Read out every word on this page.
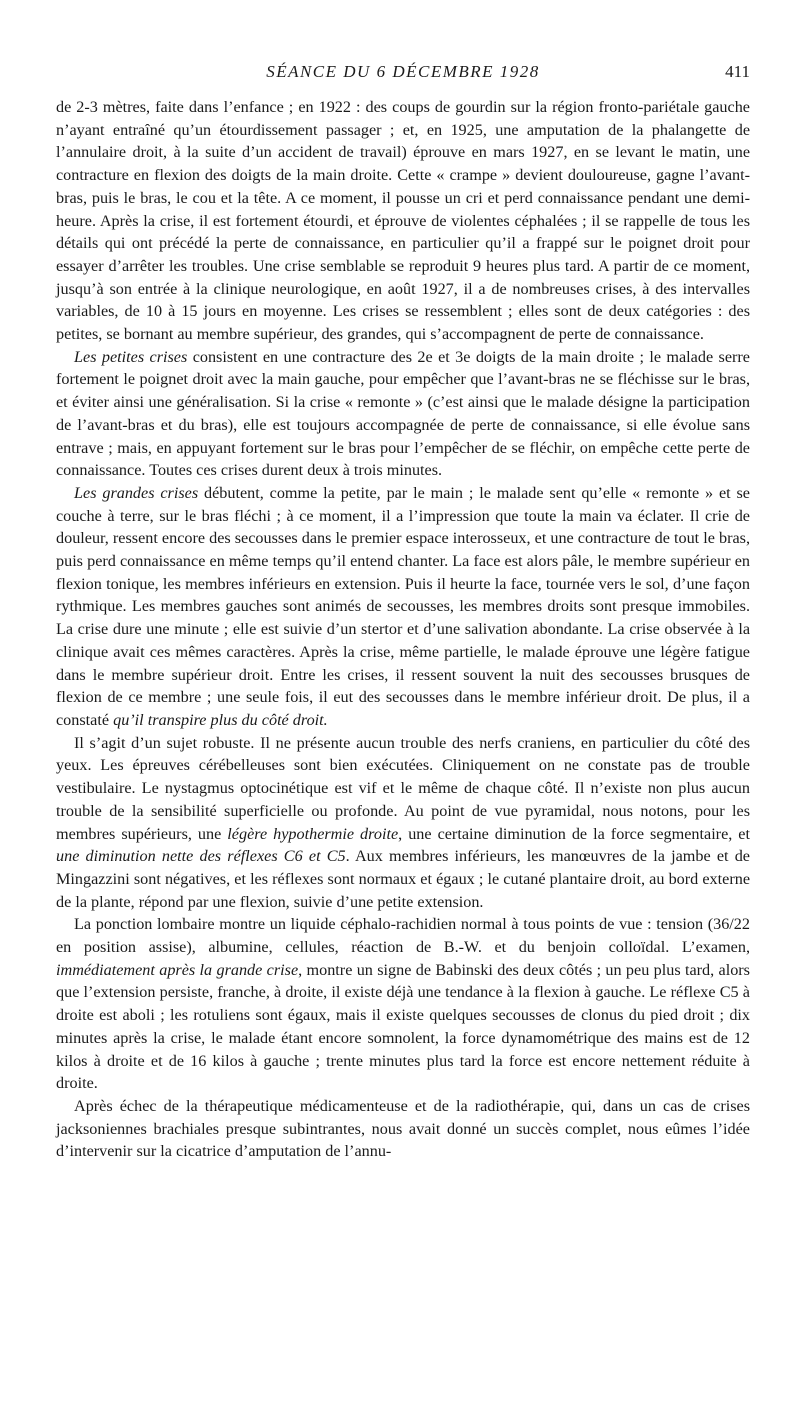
SÉANCE DU 6 DÉCEMBRE 1928	411

de 2-3 mètres, faite dans l’enfance ; en 1922 : des coups de gourdin sur la région fronto-pariétale gauche n’ayant entraîné qu’un étourdissement passager ; et, en 1925, une amputation de la phalangette de l’annulaire droit, à la suite d’un accident de travail) éprouve en mars 1927, en se levant le matin, une contracture en flexion des doigts de la main droite. Cette « crampe » devient douloureuse, gagne l’avant-bras, puis le bras, le cou et la tête. A ce moment, il pousse un cri et perd connaissance pendant une demi-heure. Après la crise, il est fortement étourdi, et éprouve de violentes céphalées ; il se rappelle de tous les détails qui ont précédé la perte de connaissance, en particulier qu’il a frappé sur le poignet droit pour essayer d’arrêter les troubles. Une crise semblable se reproduit 9 heures plus tard. A partir de ce moment, jusqu’à son entrée à la clinique neurologique, en août 1927, il a de nombreuses crises, à des intervalles variables, de 10 à 15 jours en moyenne. Les crises se ressemblent ; elles sont de deux catégories : des petites, se bornant au membre supérieur, des grandes, qui s’accompagnent de perte de connaissance.

Les petites crises consistent en une contracture des 2e et 3e doigts de la main droite ; le malade serre fortement le poignet droit avec la main gauche, pour empêcher que l’avant-bras ne se fléchisse sur le bras, et éviter ainsi une généralisation. Si la crise « remonte » (c’est ainsi que le malade désigne la participation de l’avant-bras et du bras), elle est toujours accompagnée de perte de connaissance, si elle évolue sans entrave ; mais, en appuyant fortement sur le bras pour l’empêcher de se fléchir, on empêche cette perte de connaissance. Toutes ces crises durent deux à trois minutes.

Les grandes crises débutent, comme la petite, par le main ; le malade sent qu’elle « remonte » et se couche à terre, sur le bras fléchi ; à ce moment, il a l’impression que toute la main va éclater. Il crie de douleur, ressent encore des secousses dans le premier espace interosseux, et une contracture de tout le bras, puis perd connaissance en même temps qu’il entend chanter. La face est alors pâle, le membre supérieur en flexion tonique, les membres inférieurs en extension. Puis il heurte la face, tournée vers le sol, d’une façon rythmique. Les membres gauches sont animés de secousses, les membres droits sont presque immobiles. La crise dure une minute ; elle est suivie d’un stertor et d’une salivation abondante. La crise observée à la clinique avait ces mêmes caractères. Après la crise, même partielle, le malade éprouve une légère fatigue dans le membre supérieur droit. Entre les crises, il ressent souvent la nuit des secousses brusques de flexion de ce membre ; une seule fois, il eut des secousses dans le membre inférieur droit. De plus, il a constaté qu’il transpire plus du côté droit.

Il s’agit d’un sujet robuste. Il ne présente aucun trouble des nerfs craniens, en particulier du côté des yeux. Les épreuves cérébelleuses sont bien exécutées. Cliniquement on ne constate pas de trouble vestibulaire. Le nystagmus optocinétique est vif et le même de chaque côté. Il n’existe non plus aucun trouble de la sensibilité superficielle ou profonde. Au point de vue pyramidal, nous notons, pour les membres supérieurs, une légère hypothermie droite, une certaine diminution de la force segmentaire, et une diminution nette des réflexes C6 et C5. Aux membres inférieurs, les manœuvres de la jambe et de Mingazzini sont négatives, et les réflexes sont normaux et égaux ; le cutané plantaire droit, au bord externe de la plante, répond par une flexion, suivie d’une petite extension.

La ponction lombaire montre un liquide céphalo-rachidien normal à tous points de vue : tension (36/22 en position assise), albumine, cellules, réaction de B.-W. et du benjoin colloïdal. L’examen, immédiatement après la grande crise, montre un signe de Babinski des deux côtés ; un peu plus tard, alors que l’extension persiste, franche, à droite, il existe déjà une tendance à la flexion à gauche. Le réflexe C5 à droite est aboli ; les rotuliens sont égaux, mais il existe quelques secousses de clonus du pied droit ; dix minutes après la crise, le malade étant encore somnolent, la force dynamométrique des mains est de 12 kilos à droite et de 16 kilos à gauche ; trente minutes plus tard la force est encore nettement réduite à droite.

Après échec de la thérapeutique médicamenteuse et de la radiothérapie, qui, dans un cas de crises jacksoniennes brachiales presque subintrantes, nous avait donné un succès complet, nous eûmes l’idée d’intervenir sur la cicatrice d’amputation de l’annu-
